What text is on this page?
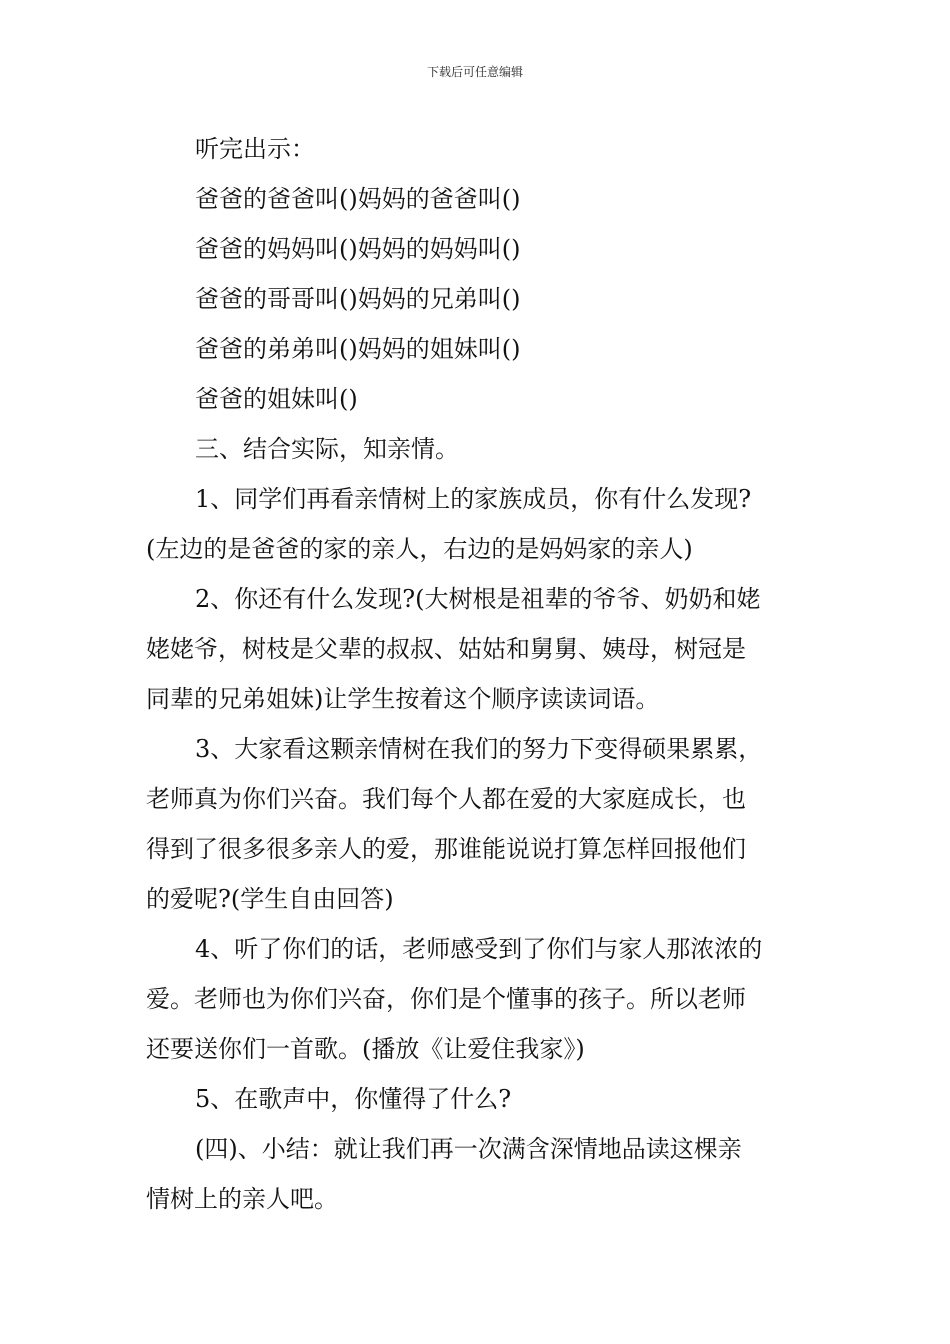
下载后可任意编辑
听完出示：
爸爸的爸爸叫()妈妈的爸爸叫()
爸爸的妈妈叫()妈妈的妈妈叫()
爸爸的哥哥叫()妈妈的兄弟叫()
爸爸的弟弟叫()妈妈的姐妹叫()
爸爸的姐妹叫()
三、结合实际，知亲情。
1、同学们再看亲情树上的家族成员，你有什么发现?
(左边的是爸爸的家的亲人，右边的是妈妈家的亲人)
2、你还有什么发现?(大树根是祖辈的爷爷、奶奶和姥
姥姥爷，树枝是父辈的叔叔、姑姑和舅舅、姨母，树冠是
同辈的兄弟姐妹)让学生按着这个顺序读读词语。
3、大家看这颗亲情树在我们的努力下变得硕果累累，
老师真为你们兴奋。我们每个人都在爱的大家庭成长，也
得到了很多很多亲人的爱，那谁能说说打算怎样回报他们
的爱呢?(学生自由回答)
4、听了你们的话，老师感受到了你们与家人那浓浓的
爱。老师也为你们兴奋，你们是个懂事的孩子。所以老师
还要送你们一首歌。(播放《让爱住我家》)
5、在歌声中，你懂得了什么?
(四)、小结：就让我们再一次满含深情地品读这棵亲
情树上的亲人吧。
